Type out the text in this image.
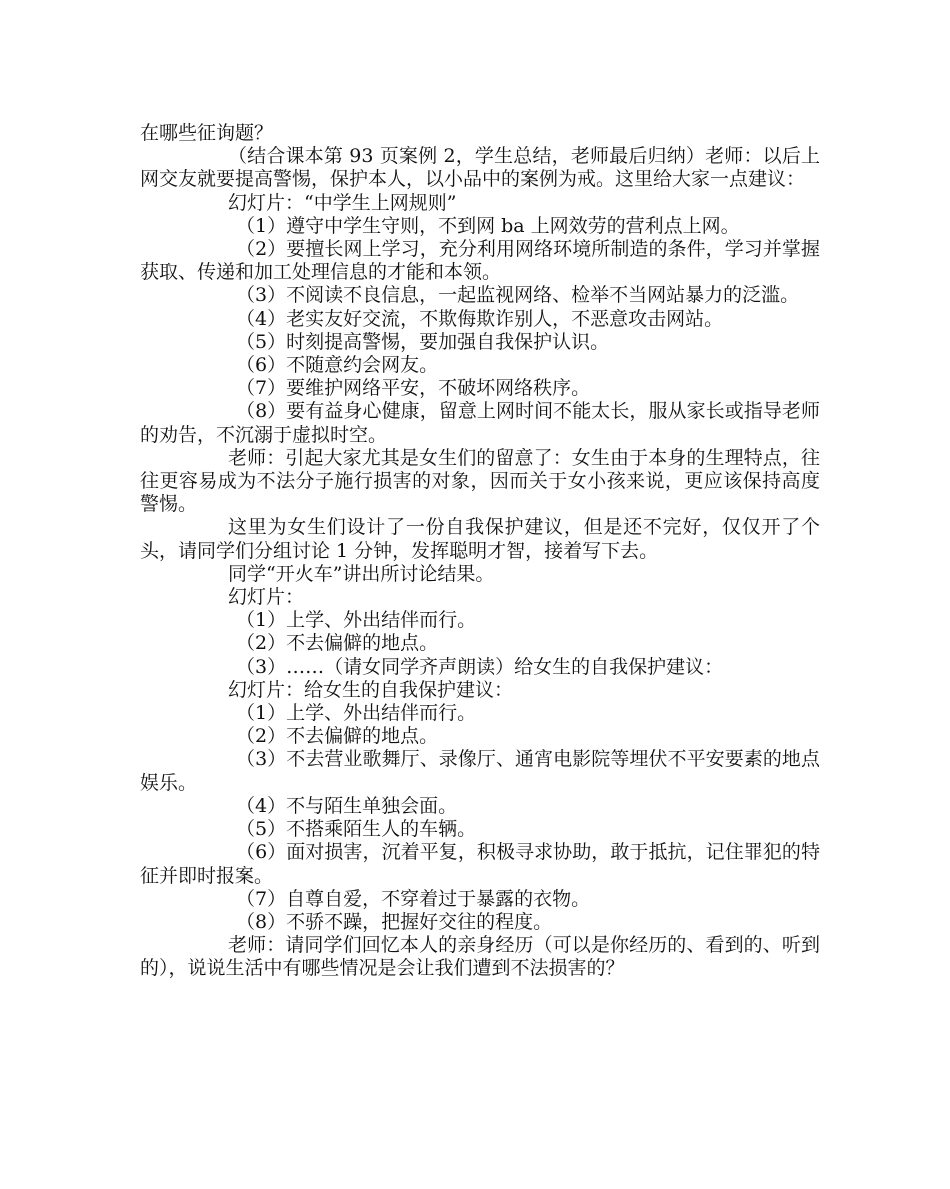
在哪些征询题？

（结合课本第 93 页案例 2，学生总结，老师最后归纳）老师：以后上网交友就要提高警惕，保护本人，以小品中的案例为戒。这里给大家一点建议：

幻灯片：“中学生上网规则”

（1）遵守中学生守则，不到网 ba 上网效劳的营利点上网。

（2）要擅长网上学习，充分利用网络环境所制造的条件，学习并掌握获取、传递和加工处理信息的才能和本领。

（3）不阅读不良信息，一起监视网络、检举不当网站暴力的泛滥。

（4）老实友好交流，不欺侮欺诈别人，不恶意攻击网站。

（5）时刻提高警惕，要加强自我保护认识。

（6）不随意约会网友。

（7）要维护网络平安，不破坏网络秩序。

（8）要有益身心健康，留意上网时间不能太长，服从家长或指导老师的劝告，不沉溺于虚拟时空。

老师：引起大家尤其是女生们的留意了：女生由于本身的生理特点，往往更容易成为不法分子施行损害的对象，因而关于女小孩来说，更应该保持高度警惕。

这里为女生们设计了一份自我保护建议，但是还不完好，仅仅开了个头，请同学们分组讨论 1 分钟，发挥聪明才智，接着写下去。

同学“开火车”讲出所讨论结果。

幻灯片：

（1）上学、外出结伴而行。

（2）不去偏僻的地点。

（3）……（请女同学齐声朗读）给女生的自我保护建议：

幻灯片：给女生的自我保护建议：

（1）上学、外出结伴而行。

（2）不去偏僻的地点。

（3）不去营业歌舞厅、录像厅、通宵电影院等埋伏不平安要素的地点娱乐。

（4）不与陌生单独会面。

（5）不搭乘陌生人的车辆。

（6）面对损害，沉着平复，积极寻求协助，敢于抵抗，记住罪犯的特征并即时报案。

（7）自尊自爱，不穿着过于暴露的衣物。

（8）不骄不躁，把握好交往的程度。

老师：请同学们回忆本人的亲身经历（可以是你经历的、看到的、听到的），说说生活中有哪些情况是会让我们遭到不法损害的？
